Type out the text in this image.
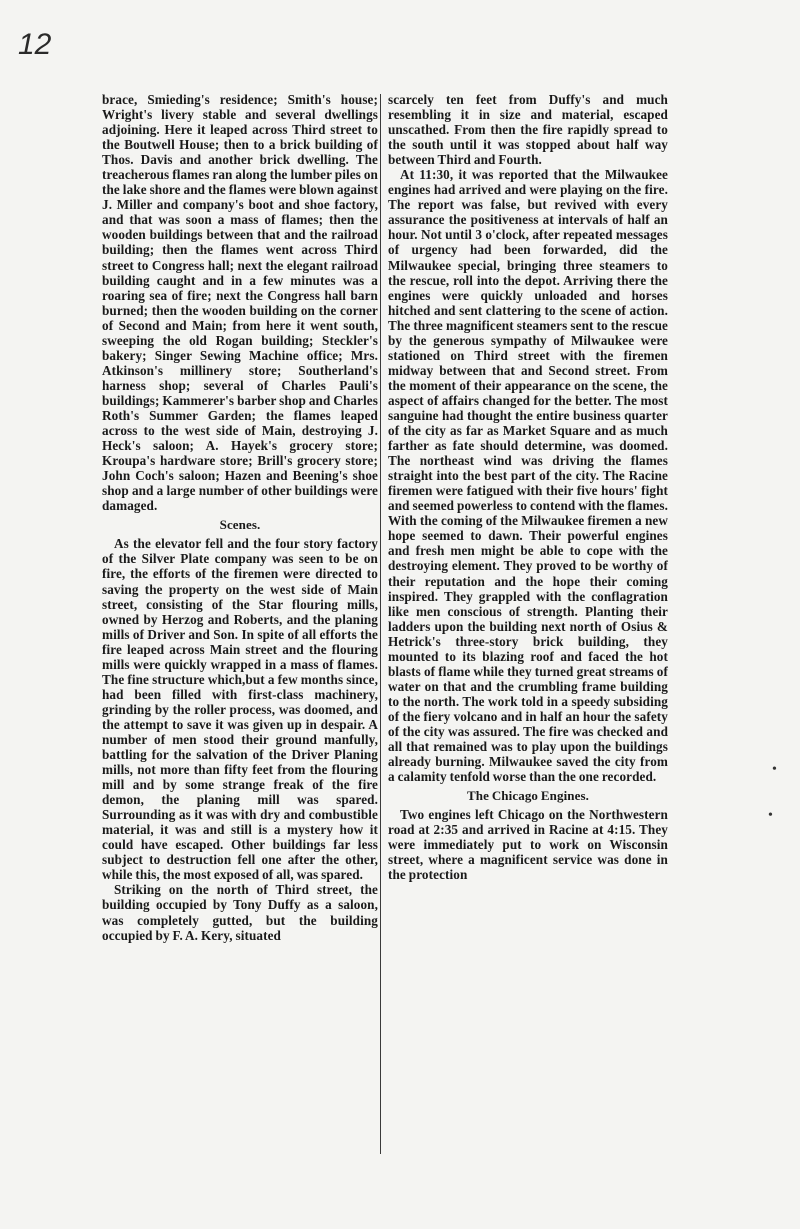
12

brace, Smieding's residence; Smith's house; Wright's livery stable and several dwellings adjoining. Here it leaped across Third street to the Boutwell House; then to a brick building of Thos. Davis and another brick dwelling. The treacherous flames ran along the lumber piles on the lake shore and the flames were blown against J. Miller and company's boot and shoe factory, and that was soon a mass of flames; then the wooden buildings between that and the railroad building; then the flames went across Third street to Congress hall; next the elegant railroad building caught and in a few minutes was a roaring sea of fire; next the Congress hall barn burned; then the wooden building on the corner of Second and Main; from here it went south, sweeping the old Rogan building; Steckler's bakery; Singer Sewing Machine office; Mrs. Atkinson's millinery store; Southerland's harness shop; several of Charles Pauli's buildings; Kammerer's barber shop and Charles Roth's Summer Garden; the flames leaped across to the west side of Main, destroying J. Heck's saloon; A. Hayek's grocery store; Kroupa's hardware store; Brill's grocery store; John Coch's saloon; Hazen and Beening's shoe shop and a large number of other buildings were damaged.

Scenes.

As the elevator fell and the four story factory of the Silver Plate company was seen to be on fire, the efforts of the firemen were directed to saving the property on the west side of Main street, consisting of the Star flouring mills, owned by Herzog and Roberts, and the planing mills of Driver and Son. In spite of all efforts the fire leaped across Main street and the flouring mills were quickly wrapped in a mass of flames. The fine structure which,but a few months since, had been filled with first-class machinery, grinding by the roller process, was doomed, and the attempt to save it was given up in despair. A number of men stood their ground manfully, battling for the salvation of the Driver Planing mills, not more than fifty feet from the flouring mill and by some strange freak of the fire demon, the planing mill was spared. Surrounding as it was with dry and combustible material, it was and still is a mystery how it could have escaped. Other buildings far less subject to destruction fell one after the other, while this, the most exposed of all, was spared.

Striking on the north of Third street, the building occupied by Tony Duffy as a saloon, was completely gutted, but the building occupied by F. A. Kery, situated

scarcely ten feet from Duffy's and much resembling it in size and material, escaped unscathed. From then the fire rapidly spread to the south until it was stopped about half way between Third and Fourth.

At 11:30, it was reported that the Milwaukee engines had arrived and were playing on the fire. The report was false, but revived with every assurance the positiveness at intervals of half an hour. Not until 3 o'clock, after repeated messages of urgency had been forwarded, did the Milwaukee special, bringing three steamers to the rescue, roll into the depot. Arriving there the engines were quickly unloaded and horses hitched and sent clattering to the scene of action. The three magnificent steamers sent to the rescue by the generous sympathy of Milwaukee were stationed on Third street with the firemen midway between that and Second street. From the moment of their appearance on the scene, the aspect of affairs changed for the better. The most sanguine had thought the entire business quarter of the city as far as Market Square and as much farther as fate should determine, was doomed. The northeast wind was driving the flames straight into the best part of the city. The Racine firemen were fatigued with their five hours' fight and seemed powerless to contend with the flames. With the coming of the Milwaukee firemen a new hope seemed to dawn. Their powerful engines and fresh men might be able to cope with the destroying element. They proved to be worthy of their reputation and the hope their coming inspired. They grappled with the conflagration like men conscious of strength. Planting their ladders upon the building next north of Osius & Hetrick's three-story brick building, they mounted to its blazing roof and faced the hot blasts of flame while they turned great streams of water on that and the crumbling frame building to the north. The work told in a speedy subsiding of the fiery volcano and in half an hour the safety of the city was assured. The fire was checked and all that remained was to play upon the buildings already burning. Milwaukee saved the city from a calamity tenfold worse than the one recorded.

The Chicago Engines.

Two engines left Chicago on the Northwestern road at 2:35 and arrived in Racine at 4:15. They were immediately put to work on Wisconsin street, where a magnificent service was done in the protection

•
•
